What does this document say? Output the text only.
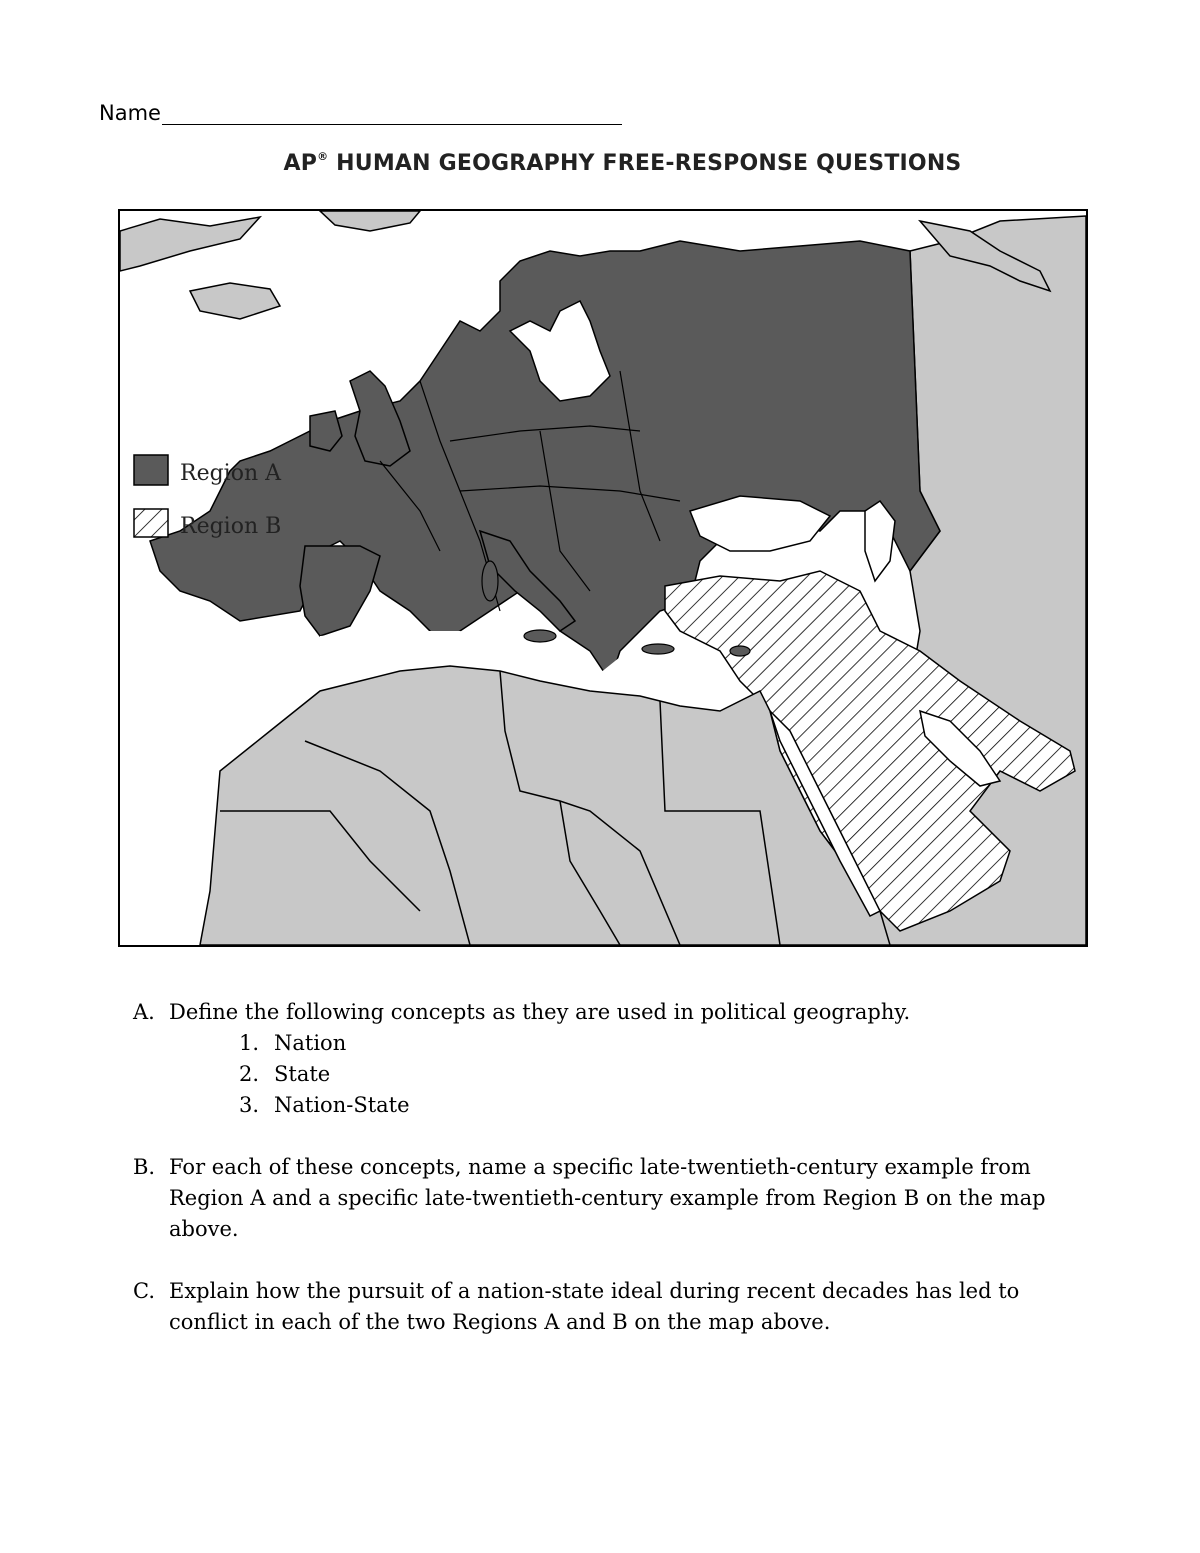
Name
AP® HUMAN GEOGRAPHY FREE-RESPONSE QUESTIONS
Region A
Region B
A. Define the following concepts as they are used in political geography.
1. Nation
2. State
3. Nation-State
B. For each of these concepts, name a specific late-twentieth-century example from Region A and a specific late-twentieth-century example from Region B on the map above.
C. Explain how the pursuit of a nation-state ideal during recent decades has led to conflict in each of the two Regions A and B on the map above.
